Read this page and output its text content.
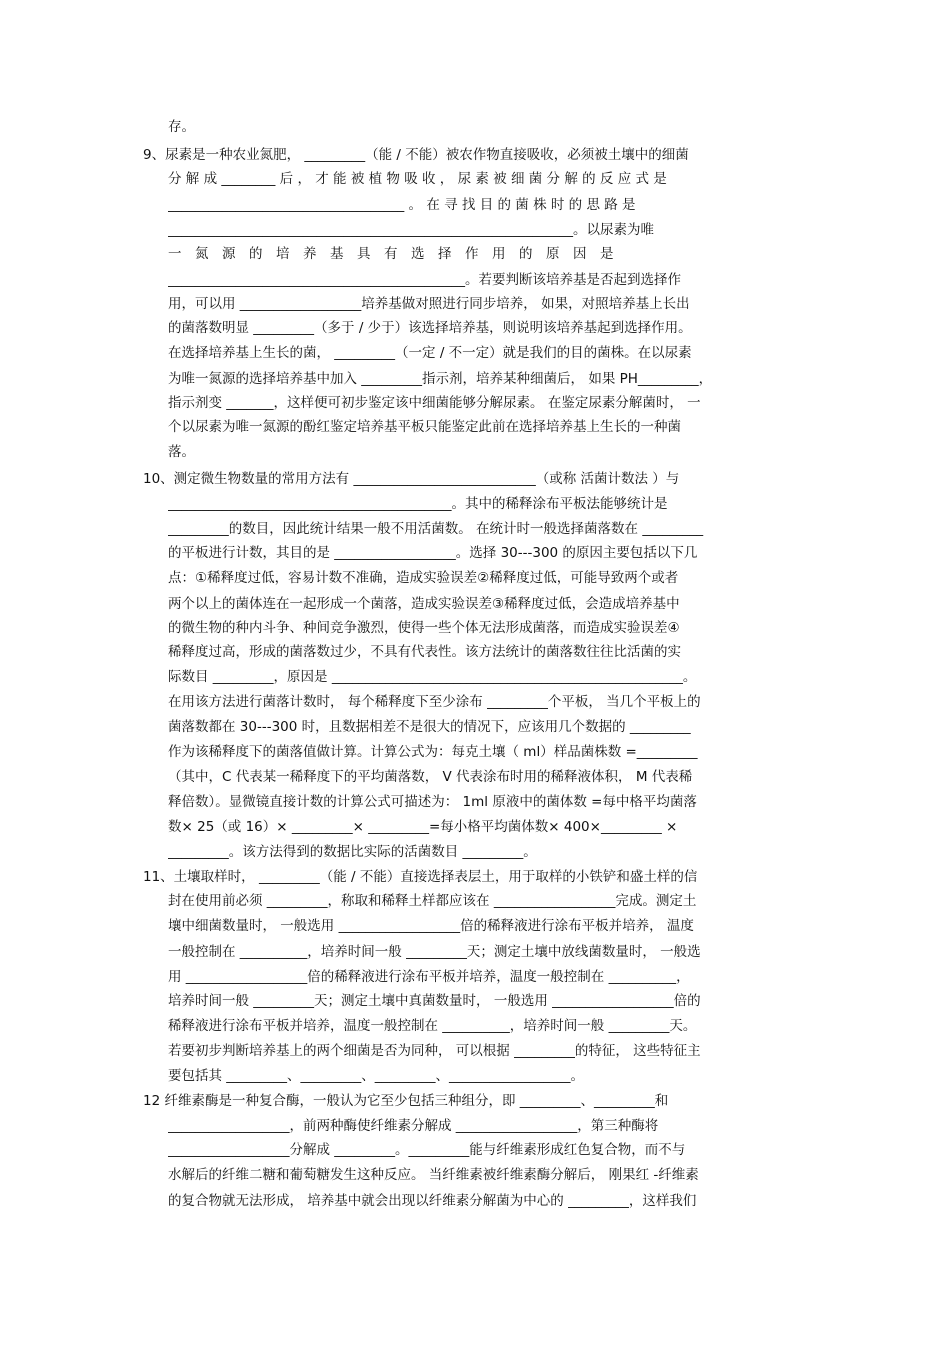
存。
9、尿素是一种农业氮肥， _________（能 / 不能）被农作物直接吸收，必须被土壤中的细菌
分 解 成 ________ 后 ， 才 能 被 植 物 吸 收 ， 尿 素 被 细 菌 分 解 的 反 应 式 是
___________________________________ 。 在 寻 找 目 的 菌 株 时 的 思 路 是
____________________________________________________________。以尿素为唯
一　氮　源　的　培　养　基　具　有　选　择　作　用　的　原　因　是
____________________________________________。若要判断该培养基是否起到选择作
用，可以用 __________________培养基做对照进行同步培养， 如果，对照培养基上长出
的菌落数明显 _________（多于 / 少于）该选择培养基，则说明该培养基起到选择作用。
在选择培养基上生长的菌， _________（一定 / 不一定）就是我们的目的菌株。在以尿素
为唯一氮源的选择培养基中加入 _________指示剂，培养某种细菌后， 如果 PH_________，
指示剂变 _______，这样便可初步鉴定该中细菌能够分解尿素。 在鉴定尿素分解菌时， 一
个以尿素为唯一氮源的酚红鉴定培养基平板只能鉴定此前在选择培养基上生长的一种菌
落。
10、测定微生物数量的常用方法有 ___________________________（或称 活菌计数法 ）与
__________________________________________。其中的稀释涂布平板法能够统计是
_________的数目，因此统计结果一般不用活菌数。 在统计时一般选择菌落数在 _________
的平板进行计数，其目的是 __________________。选择 30---300 的原因主要包括以下几
点：①稀释度过低，容易计数不准确，造成实验误差②稀释度过低，可能导致两个或者
两个以上的菌体连在一起形成一个菌落，造成实验误差③稀释度过低，会造成培养基中
的微生物的种内斗争、种间竞争激烈，使得一些个体无法形成菌落，而造成实验误差④
稀释度过高，形成的菌落数过少，不具有代表性。该方法统计的菌落数往往比活菌的实
际数目 _________，原因是 ____________________________________________________。
在用该方法进行菌落计数时， 每个稀释度下至少涂布 _________个平板， 当几个平板上的
菌落数都在 30---300 时，且数据相差不是很大的情况下，应该用几个数据的 _________
作为该稀释度下的菌落值做计算。计算公式为：每克土壤（ ml）样品菌株数 =_________
（其中，C 代表某一稀释度下的平均菌落数， V 代表涂布时用的稀释液体积， M 代表稀
释倍数）。显微镜直接计数的计算公式可描述为： 1ml 原液中的菌体数 =每中格平均菌落
数× 25（或 16）× _________× _________=每小格平均菌体数× 400×_________ ×
_________。该方法得到的数据比实际的活菌数目 _________。
11、土壤取样时， _________（能 / 不能）直接选择表层土，用于取样的小铁铲和盛土样的信
封在使用前必须 _________，称取和稀释土样都应该在 __________________完成。测定土
壤中细菌数量时， 一般选用 __________________倍的稀释液进行涂布平板并培养， 温度
一般控制在 __________，培养时间一般 _________天；测定土壤中放线菌数量时， 一般选
用 __________________倍的稀释液进行涂布平板并培养，温度一般控制在 __________，
培养时间一般 _________天；测定土壤中真菌数量时， 一般选用 __________________倍的
稀释液进行涂布平板并培养，温度一般控制在 __________，培养时间一般 _________天。
若要初步判断培养基上的两个细菌是否为同种， 可以根据 _________的特征， 这些特征主
要包括其 _________、_________、_________、__________________。
12 纤维素酶是一种复合酶，一般认为它至少包括三种组分，即 _________、_________和
__________________，前两种酶使纤维素分解成 __________________，第三种酶将
__________________分解成 _________。_________能与纤维素形成红色复合物，而不与
水解后的纤维二糖和葡萄糖发生这种反应。 当纤维素被纤维素酶分解后， 刚果红 -纤维素
的复合物就无法形成， 培养基中就会出现以纤维素分解菌为中心的 _________，这样我们
